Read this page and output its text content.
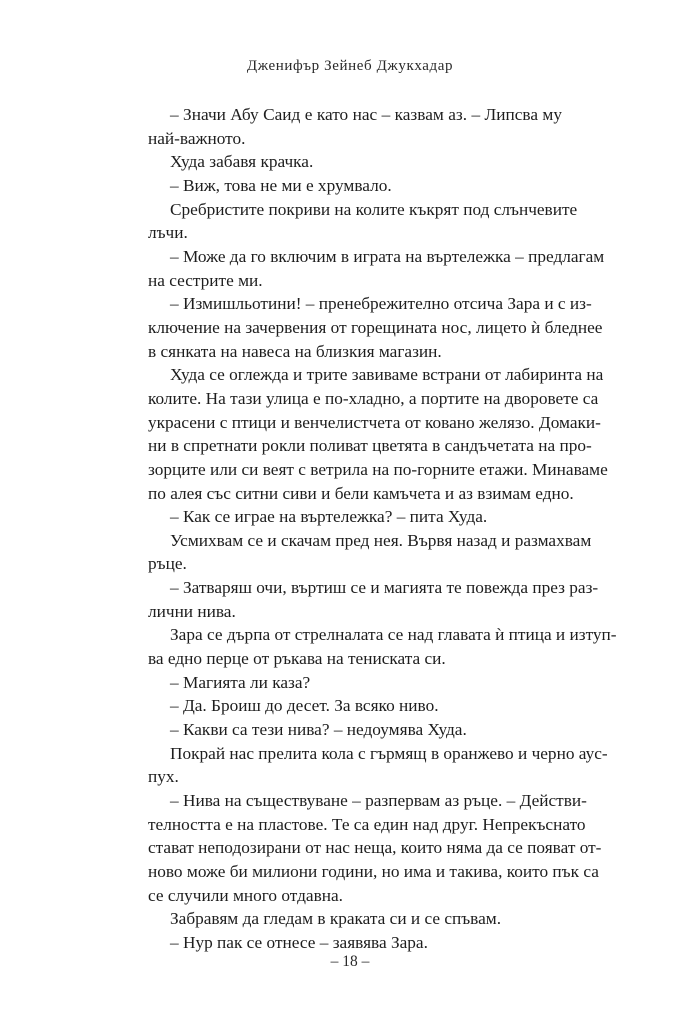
Дженифър Зейнеб Джукхадар
– Значи Абу Саид е като нас – казвам аз. – Липсва му
най-важното.
Худа забавя крачка.
– Виж, това не ми е хрумвало.
Сребристите покриви на колите къкрят под слънчевите
лъчи.
– Може да го включим в играта на въртележка – предлагам
на сестрите ми.
– Измишльотини! – пренебрежително отсича Зара и с из-
ключение на зачервения от горещината нос, лицето ѝ бледнее
в сянката на навеса на близкия магазин.
Худа се оглежда и трите завиваме встрани от лабиринта на
колите. На тази улица е по-хладно, а портите на дворовете са
украсени с птици и венчелистчета от ковано желязо. Домаки-
ни в спретнати рокли поливат цветята в сандъчетата на про-
зорците или си веят с ветрила на по-горните етажи. Минаваме
по алея със ситни сиви и бели камъчета и аз взимам едно.
– Как се играе на въртележка? – пита Худа.
Усмихвам се и скачам пред нея. Вървя назад и размахвам
ръце.
– Затваряш очи, въртиш се и магията те повежда през раз-
лични нива.
Зара се дърпа от стрелналата се над главата ѝ птица и изтуп-
ва едно перце от ръкава на тениската си.
– Магията ли каза?
– Да. Броиш до десет. За всяко ниво.
– Какви са тези нива? – недоумява Худа.
Покрай нас прелита кола с гърмящ в оранжево и черно аус-
пух.
– Нива на съществуване – разпервам аз ръце. – Действи-
телността е на пластове. Те са един над друг. Непрекъснато
стават неподозирани от нас неща, които няма да се появат от-
ново може би милиони години, но има и такива, които пък са
се случили много отдавна.
Забравям да гледам в краката си и се спъвам.
– Нур пак се отнесе – заявява Зара.
– 18 –
